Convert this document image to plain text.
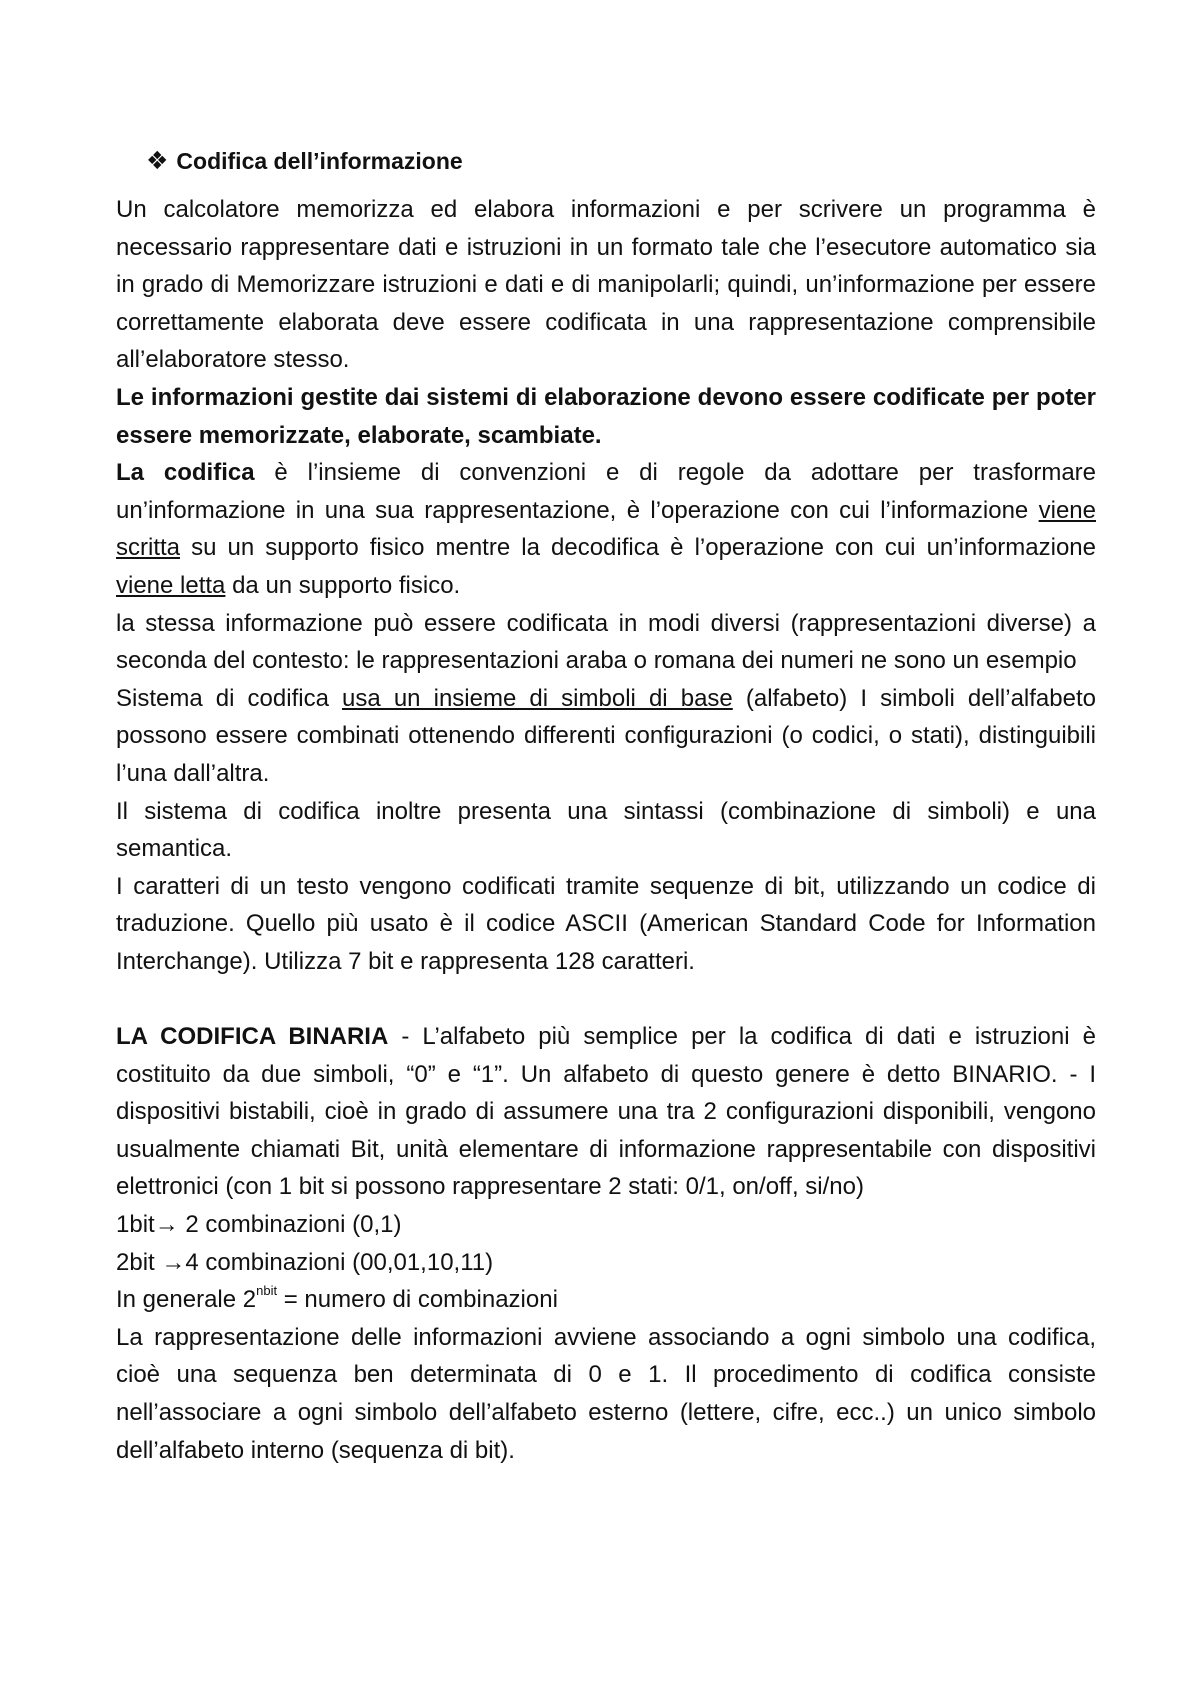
❖ Codifica dell’informazione

Un calcolatore memorizza ed elabora informazioni e per scrivere un programma è necessario rappresentare dati e istruzioni in un formato tale che l’esecutore automatico sia in grado di Memorizzare istruzioni e dati e di manipolarli; quindi, un’informazione per essere correttamente elaborata deve essere codificata in una rappresentazione comprensibile all’elaboratore stesso.

Le informazioni gestite dai sistemi di elaborazione devono essere codificate per poter essere memorizzate, elaborate, scambiate.

La codifica è l’insieme di convenzioni e di regole da adottare per trasformare un’informazione in una sua rappresentazione, è l’operazione con cui l’informazione viene scritta su un supporto fisico mentre la decodifica è l’operazione con cui un’informazione viene letta da un supporto fisico.

la stessa informazione può essere codificata in modi diversi (rappresentazioni diverse) a seconda del contesto: le rappresentazioni araba o romana dei numeri ne sono un esempio

Sistema di codifica usa un insieme di simboli di base (alfabeto) I simboli dell’alfabeto possono essere combinati ottenendo differenti configurazioni (o codici, o stati), distinguibili l’una dall’altra.

Il sistema di codifica inoltre presenta una sintassi (combinazione di simboli) e una semantica.

I caratteri di un testo vengono codificati tramite sequenze di bit, utilizzando un codice di traduzione. Quello più usato è il codice ASCII (American Standard Code for Information Interchange). Utilizza 7 bit e rappresenta 128 caratteri.

LA CODIFICA BINARIA - L’alfabeto più semplice per la codifica di dati e istruzioni è costituito da due simboli, “0” e “1”. Un alfabeto di questo genere è detto BINARIO. - I dispositivi bistabili, cioè in grado di assumere una tra 2 configurazioni disponibili, vengono usualmente chiamati Bit, unità elementare di informazione rappresentabile con dispositivi elettronici (con 1 bit si possono rappresentare 2 stati: 0/1, on/off, si/no)

1bit→ 2 combinazioni (0,1)

2bit →4 combinazioni (00,01,10,11)

In generale $2^{nbit}$ = numero di combinazioni

La rappresentazione delle informazioni avviene associando a ogni simbolo una codifica, cioè una sequenza ben determinata di 0 e 1. Il procedimento di codifica consiste nell’associare a ogni simbolo dell’alfabeto esterno (lettere, cifre, ecc..) un unico simbolo dell’alfabeto interno (sequenza di bit).
